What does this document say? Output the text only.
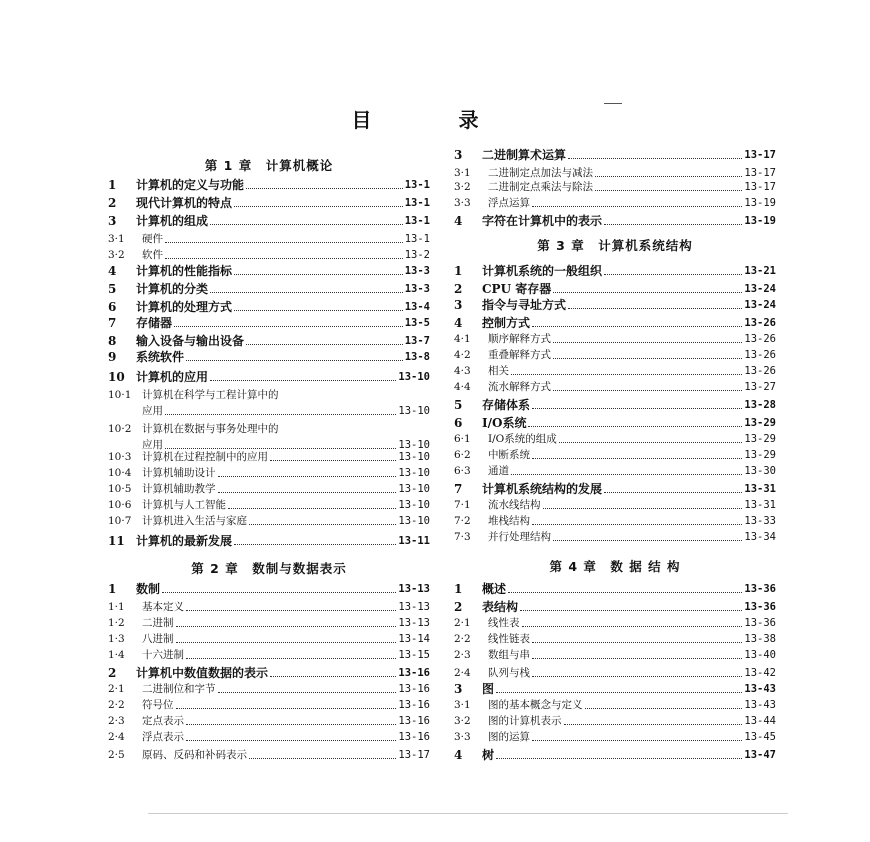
目 录
第 1 章　计算机概论
第 2 章　数制与数据表示
1	计算机的定义与功能	13-1
2	现代计算机的特点	13-1
3	计算机的组成	13-1
3·1	硬件	13-1
3·2	软件	13-2
4	计算机的性能指标	13-3
5	计算机的分类	13-3
6	计算机的处理方式	13-4
7	存储器	13-5
8	输入设备与输出设备	13-7
9	系统软件	13-8
10 计算机的应用	13-10
10·1	计算机在科学与工程计算中的
应用	13-10
10·2	计算机在数据与事务处理中的
应用	13-10
10·3	计算机在过程控制中的应用	13-10
10·4	计算机辅助设计	13-10
10·5	计算机辅助教学	13-10
10·6	计算机与人工智能	13-10
10·7	计算机进入生活与家庭	13-10
11 计算机的最新发展	13-11
1	数制	13-13
1·1	基本定义	13-13
1·2	二进制	13-13
1·3	八进制	13-14
1·4	十六进制	13-15
2	计算机中数值数据的表示	13-16
2·1	二进制位和字节	13-16
2·2	符号位	13-16
2·3	定点表示	13-16
2·4	浮点表示	13-16
2·5	原码、反码和补码表示	13-17
第 3 章　计算机系统结构
第 4 章　数 据 结 构
3	二进制算术运算	13-17
3·1	二进制定点加法与减法	13-17
3·2	二进制定点乘法与除法	13-17
3·3	浮点运算	13-19
4	字符在计算机中的表示	13-19
1	计算机系统的一般组织	13-21
2	CPU 寄存器	13-24
3	指令与寻址方式	13-24
4	控制方式	13-26
4·1	顺序解释方式	13-26
4·2	重叠解释方式	13-26
4·3	相关	13-26
4·4	流水解释方式	13-27
5	存储体系	13-28
6	I/O系统	13-29
6·1	I/O系统的组成	13-29
6·2	中断系统	13-29
6·3	通道	13-30
7	计算机系统结构的发展	13-31
7·1	流水线结构	13-31
7·2	堆栈结构	13-33
7·3	并行处理结构	13-34
1	概述	13-36
2	表结构	13-36
2·1	线性表	13-36
2·2	线性链表	13-38
2·3	数组与串	13-40
2·4	队列与栈	13-42
3	图	13-43
3·1	图的基本概念与定义	13-43
3·2	图的计算机表示	13-44
3·3	图的运算	13-45
4	树	13-47
